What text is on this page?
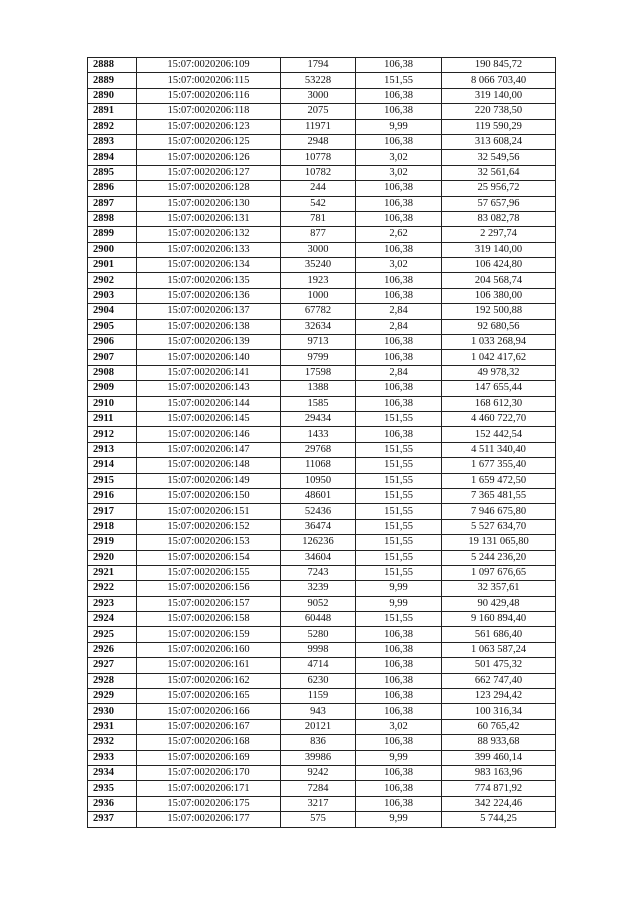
2888	15:07:0020206:109	1794	106,38	190 845,72
2889	15:07:0020206:115	53228	151,55	8 066 703,40
2890	15:07:0020206:116	3000	106,38	319 140,00
2891	15:07:0020206:118	2075	106,38	220 738,50
2892	15:07:0020206:123	11971	9,99	119 590,29
2893	15:07:0020206:125	2948	106,38	313 608,24
2894	15:07:0020206:126	10778	3,02	32 549,56
2895	15:07:0020206:127	10782	3,02	32 561,64
2896	15:07:0020206:128	244	106,38	25 956,72
2897	15:07:0020206:130	542	106,38	57 657,96
2898	15:07:0020206:131	781	106,38	83 082,78
2899	15:07:0020206:132	877	2,62	2 297,74
2900	15:07:0020206:133	3000	106,38	319 140,00
2901	15:07:0020206:134	35240	3,02	106 424,80
2902	15:07:0020206:135	1923	106,38	204 568,74
2903	15:07:0020206:136	1000	106,38	106 380,00
2904	15:07:0020206:137	67782	2,84	192 500,88
2905	15:07:0020206:138	32634	2,84	92 680,56
2906	15:07:0020206:139	9713	106,38	1 033 268,94
2907	15:07:0020206:140	9799	106,38	1 042 417,62
2908	15:07:0020206:141	17598	2,84	49 978,32
2909	15:07:0020206:143	1388	106,38	147 655,44
2910	15:07:0020206:144	1585	106,38	168 612,30
2911	15:07:0020206:145	29434	151,55	4 460 722,70
2912	15:07:0020206:146	1433	106,38	152 442,54
2913	15:07:0020206:147	29768	151,55	4 511 340,40
2914	15:07:0020206:148	11068	151,55	1 677 355,40
2915	15:07:0020206:149	10950	151,55	1 659 472,50
2916	15:07:0020206:150	48601	151,55	7 365 481,55
2917	15:07:0020206:151	52436	151,55	7 946 675,80
2918	15:07:0020206:152	36474	151,55	5 527 634,70
2919	15:07:0020206:153	126236	151,55	19 131 065,80
2920	15:07:0020206:154	34604	151,55	5 244 236,20
2921	15:07:0020206:155	7243	151,55	1 097 676,65
2922	15:07:0020206:156	3239	9,99	32 357,61
2923	15:07:0020206:157	9052	9,99	90 429,48
2924	15:07:0020206:158	60448	151,55	9 160 894,40
2925	15:07:0020206:159	5280	106,38	561 686,40
2926	15:07:0020206:160	9998	106,38	1 063 587,24
2927	15:07:0020206:161	4714	106,38	501 475,32
2928	15:07:0020206:162	6230	106,38	662 747,40
2929	15:07:0020206:165	1159	106,38	123 294,42
2930	15:07:0020206:166	943	106,38	100 316,34
2931	15:07:0020206:167	20121	3,02	60 765,42
2932	15:07:0020206:168	836	106,38	88 933,68
2933	15:07:0020206:169	39986	9,99	399 460,14
2934	15:07:0020206:170	9242	106,38	983 163,96
2935	15:07:0020206:171	7284	106,38	774 871,92
2936	15:07:0020206:175	3217	106,38	342 224,46
2937	15:07:0020206:177	575	9,99	5 744,25
